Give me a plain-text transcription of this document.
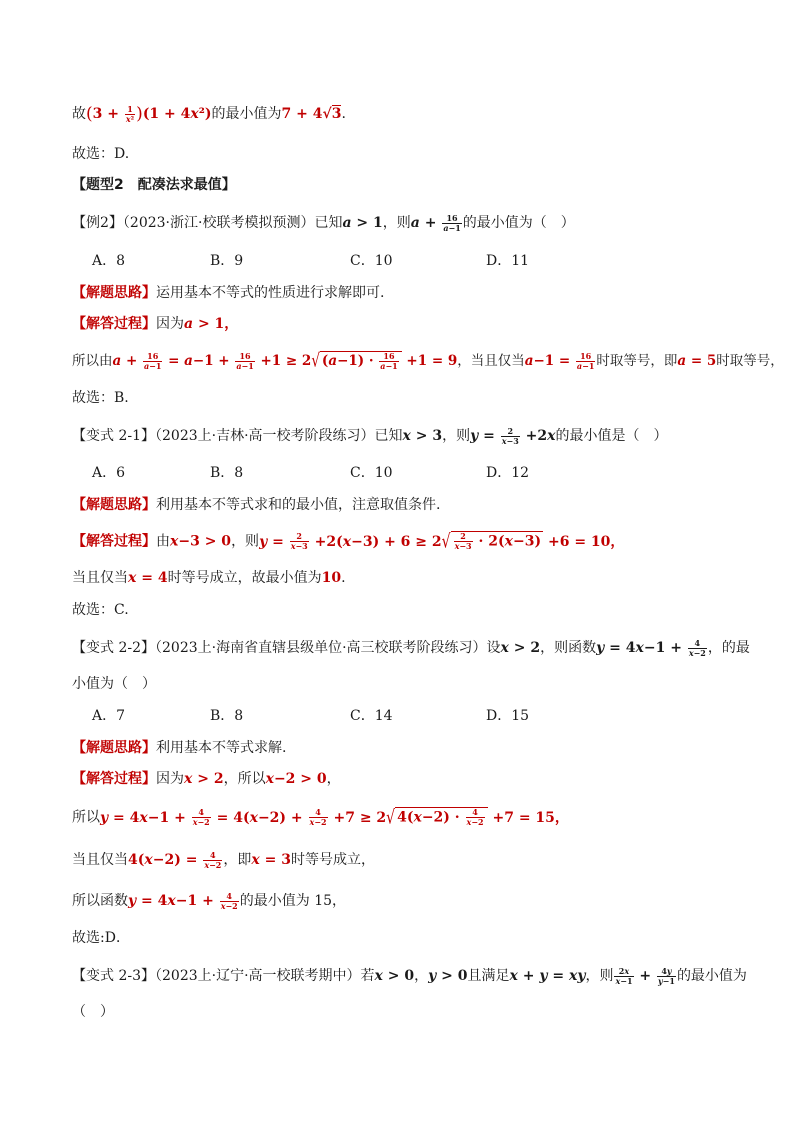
故$(3 + \frac{1}{\text{x²}} )(1 + 4x^2)$的最小值为7 + 4√3.
故选：D.
【题型2　配凑法求最值】
【例2】（2023·浙江·校联考模拟预测）已知a > 1，则$a + \frac{16}{a-1}$ 的最小值为（　）
A．8	B．9	C．10	D．11
【解题思路】运用基本不等式的性质进行求解即可.
【解答过程】因为a > 1，
所以由$a + \frac{16}{a-1} = a-1 + \frac{16}{a-1} +1 \ge 2√$ $(a-1) \cdot \frac{16}{a-1} +1 = 9$，当且仅当$a-1 = \frac{16}{a-1}$ 时取等号，即a = 5时取等号，
故选：B.
【变式 2-1】（2023上·吉林·高一校考阶段练习）已知x > 3，则$y = \frac{2}{x-3} +2x$的最小值是（　）
A．6	B．8	C．10	D．12
【解题思路】利用基本不等式求和的最小值，注意取值条件.
【解答过程】由x−3 > 0，则$y = \frac{2}{x-3} +2(x-3) + 6 \ge 2√ \frac{2}{x-3} \cdot 2(x-3) +6 = 10$，
当且仅当x = 4时等号成立，故最小值为10.
故选：C.
【变式 2-2】（2023上·海南省直辖县级单位·高三校联考阶段练习）设x > 2，则函数$y = 4x-1 + \frac{4}{x-2}$ ，的最
小值为（　）
A．7	B．8	C．14	D．15
【解题思路】利用基本不等式求解.
【解答过程】因为x > 2，所以x−2 > 0，
所以$y = 4x-1 + \frac{4}{x-2} = 4(x-2) + \frac{4}{x-2} +7 \ge 2√$ $4(x-2) \cdot \frac{4}{x-2} +7 = 15$，
当且仅当$4(x-2) = \frac{4}{x-2}$ ，即x = 3时等号成立，
所以函数$y = 4x-1 + \frac{4}{x-2}$ 的最小值为 15，
故选:D．
【变式 2-3】（2023上·辽宁·高一校联考期中）若x > 0，y > 0且满足x + y = xy，则 $\frac{2x}{x-1} + \frac{4y}{y-1}$ 的最小值为
（　）
